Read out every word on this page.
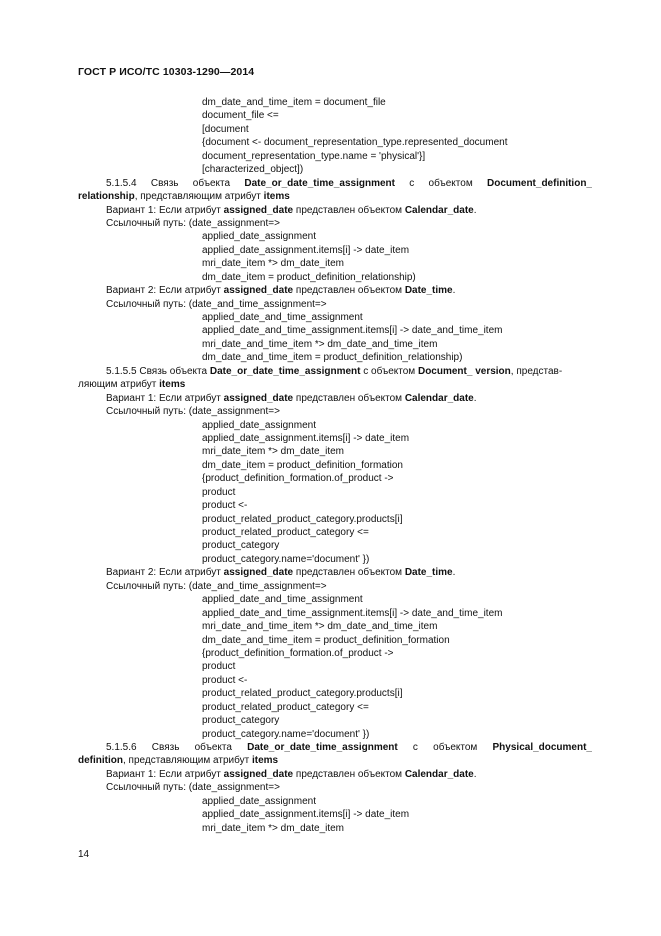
ГОСТ Р ИСО/ТС 10303-1290—2014
dm_date_and_time_item = document_file
document_file <=
[document
{document <- document_representation_type.represented_document
document_representation_type.name = 'physical'}]
[characterized_object])
5.1.5.4 Связь объекта Date_or_date_time_assignment с объектом Document_definition_
relationship, представляющим атрибут items
Вариант 1: Если атрибут assigned_date представлен объектом Calendar_date.
Ссылочный путь: (date_assignment=>
applied_date_assignment
applied_date_assignment.items[i] -> date_item
mri_date_item *> dm_date_item
dm_date_item = product_definition_relationship)
Вариант 2: Если атрибут assigned_date представлен объектом Date_time.
Ссылочный путь: (date_and_time_assignment=>
applied_date_and_time_assignment
applied_date_and_time_assignment.items[i] -> date_and_time_item
mri_date_and_time_item *> dm_date_and_time_item
dm_date_and_time_item = product_definition_relationship)
5.1.5.5 Связь объекта Date_or_date_time_assignment с объектом Document_ version, представ-
ляющим атрибут items
Вариант 1: Если атрибут assigned_date представлен объектом Calendar_date.
Ссылочный путь: (date_assignment=>
applied_date_assignment
applied_date_assignment.items[i] -> date_item
mri_date_item *> dm_date_item
dm_date_item = product_definition_formation
{product_definition_formation.of_product ->
product
product <-
product_related_product_category.products[i]
product_related_product_category <=
product_category
product_category.name='document' })
Вариант 2: Если атрибут assigned_date представлен объектом Date_time.
Ссылочный путь: (date_and_time_assignment=>
applied_date_and_time_assignment
applied_date_and_time_assignment.items[i] -> date_and_time_item
mri_date_and_time_item *> dm_date_and_time_item
dm_date_and_time_item = product_definition_formation
{product_definition_formation.of_product ->
product
product <-
product_related_product_category.products[i]
product_related_product_category <=
product_category
product_category.name='document' })
5.1.5.6 Связь объекта Date_or_date_time_assignment с объектом Physical_document_
definition, представляющим атрибут items
Вариант 1: Если атрибут assigned_date представлен объектом Calendar_date.
Ссылочный путь: (date_assignment=>
applied_date_assignment
applied_date_assignment.items[i] -> date_item
mri_date_item *> dm_date_item
14
